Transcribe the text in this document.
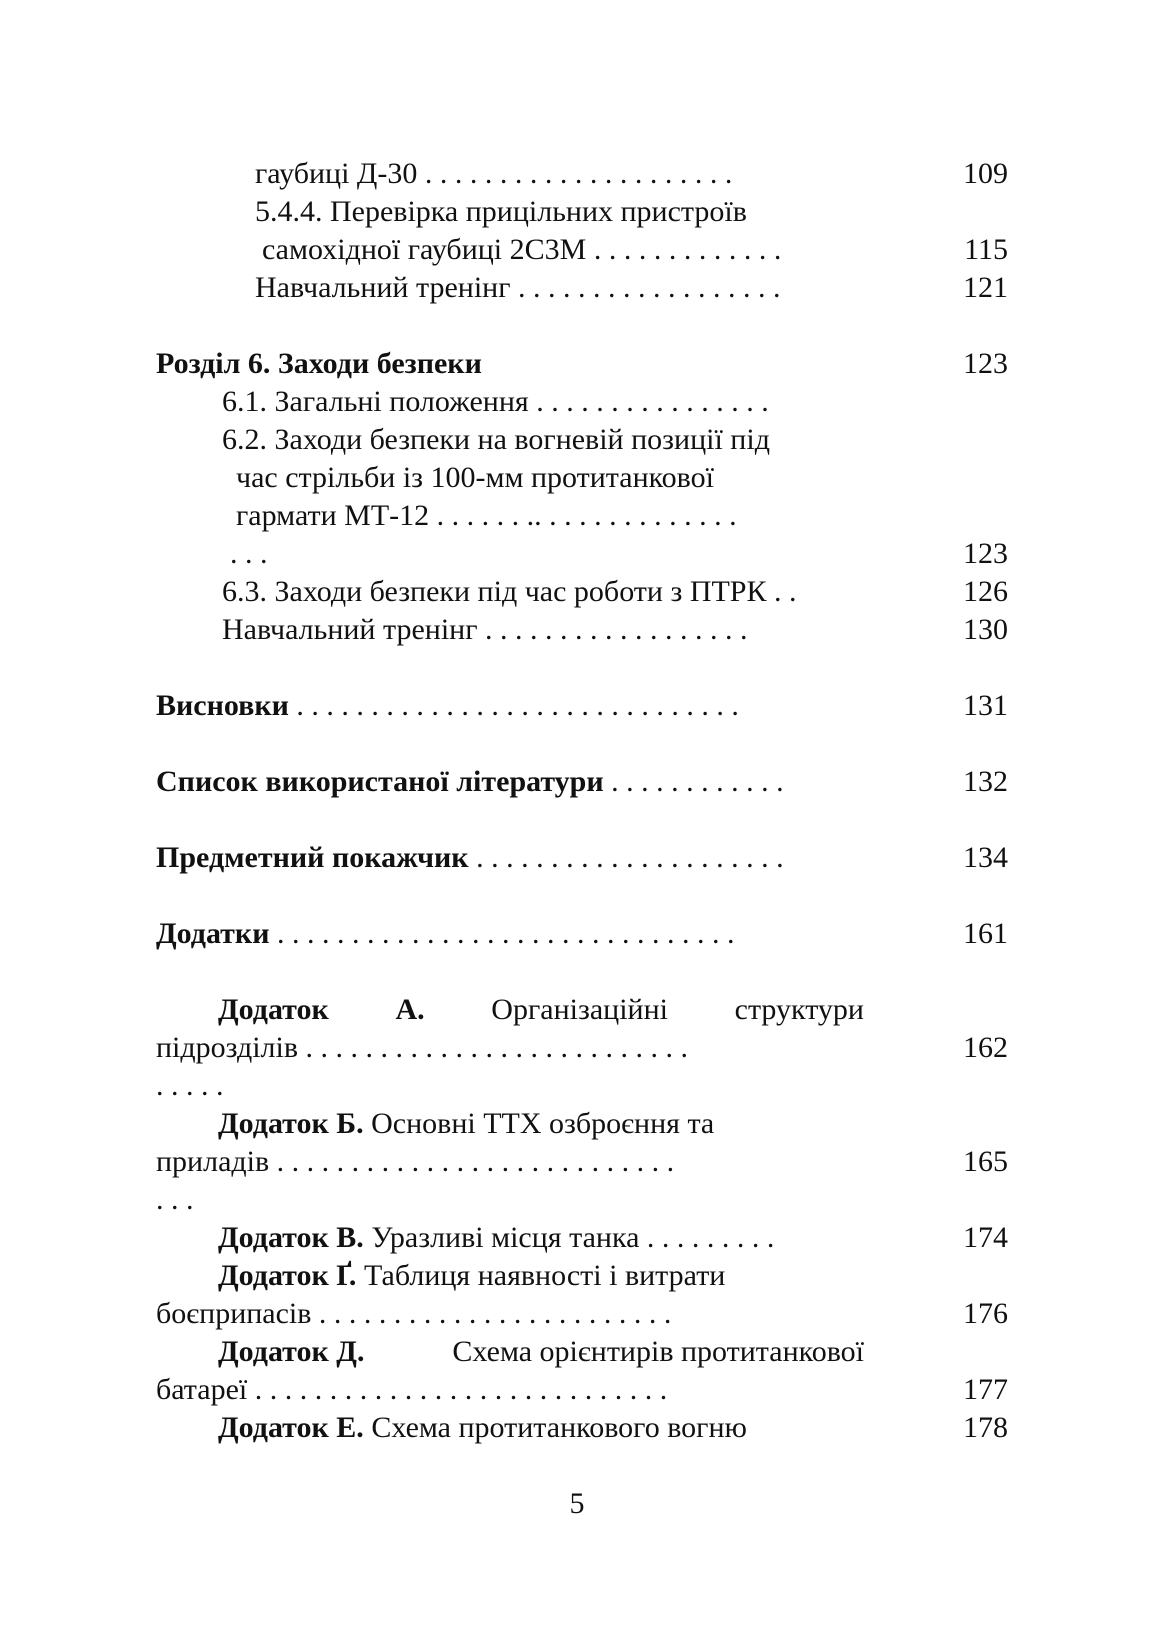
гаубиці Д-30 . . . . . . . . . . . . . . . . . . . . .	109
5.4.4. Перевірка прицільних пристроїв
самохідної гаубиці 2С3М . . . . . . . . . . . . .	115
Навчальний тренінг . . . . . . . . . . . . . . . . . .	121
Розділ 6. Заходи безпеки	123
6.1. Загальні положення . . . . . . . . . . . . . . . .
6.2. Заходи безпеки на вогневій позиції під
час стрільби із 100-мм протитанкової
гармати МТ-12 . . . . . . .. . . . . . . . . . . . . .
. . .	123
6.3. Заходи безпеки під час роботи з ПТРК . .	126
Навчальний тренінг . . . . . . . . . . . . . . . . . .	130
Висновки . . . . . . . . . . . . . . . . . . . . . . . . . . . . . .	131
Список використаної літератури . . . . . . . . . . . .	132
Предметний покажчик . . . . . . . . . . . . . . . . . . . . .	134
Додатки . . . . . . . . . . . . . . . . . . . . . . . . . . . . . . .	161
Додаток А. Організаційні структури
підрозділів . . . . . . . . . . . . . . . . . . . . . . . . . .	162
. . . . .
Додаток Б. Основні ТТХ озброєння та
приладів . . . . . . . . . . . . . . . . . . . . . . . . . . .	165
. . .
Додаток В. Уразливі місця танка . . . . . . . . .	174
Додаток Ґ. Таблиця наявності і витрати
боєприпасів . . . . . . . . . . . . . . . . . . . . . . . .	176
Додаток Д.	Схема орієнтирів протитанкової
батареї . . . . . . . . . . . . . . . . . . . . . . . . . . . .	177
Додаток Е. Схема протитанкового вогню	178
5
